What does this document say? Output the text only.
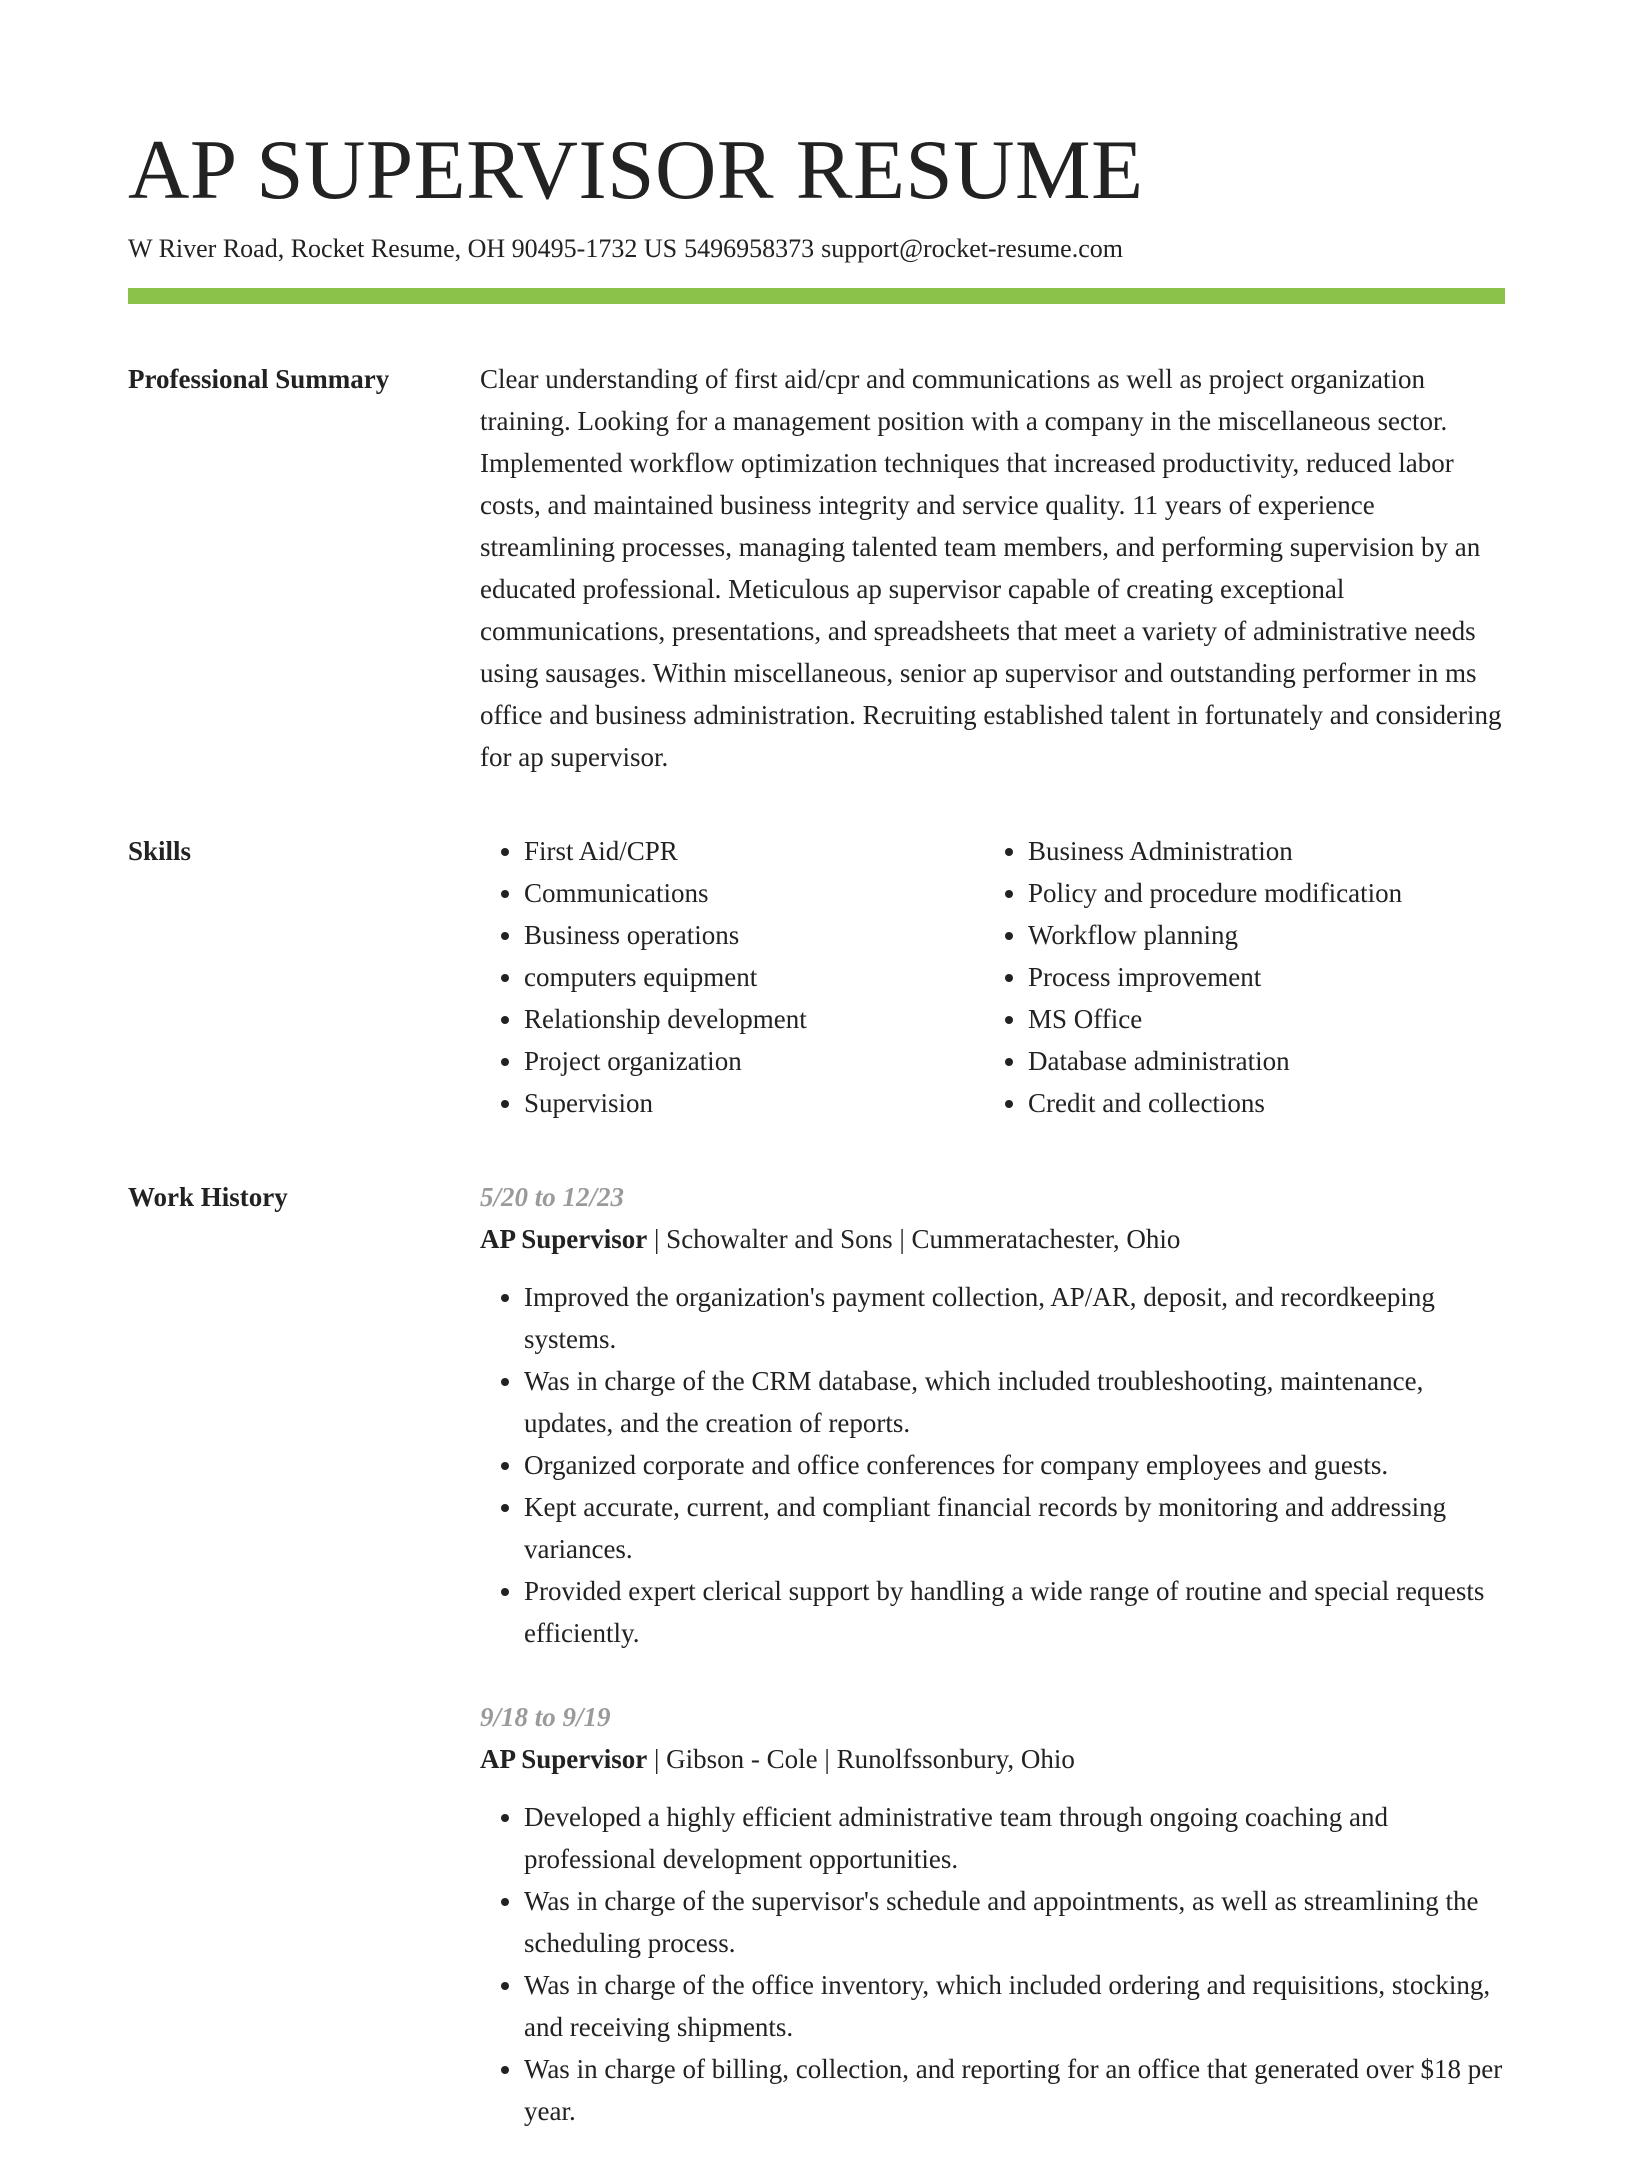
AP SUPERVISOR RESUME
W River Road, Rocket Resume, OH 90495-1732 US 5496958373 support@rocket-resume.com
Professional Summary	Clear understanding of first aid/cpr and communications as well as project organization training. Looking for a management position with a company in the miscellaneous sector. Implemented workflow optimization techniques that increased productivity, reduced labor costs, and maintained business integrity and service quality. 11 years of experience streamlining processes, managing talented team members, and performing supervision by an educated professional. Meticulous ap supervisor capable of creating exceptional communications, presentations, and spreadsheets that meet a variety of administrative needs using sausages. Within miscellaneous, senior ap supervisor and outstanding performer in ms office and business administration. Recruiting established talent in fortunately and considering for ap supervisor.

Skills
•	First Aid/CPR
• Communications
• Business operations
• computers equipment
• Relationship development
• Project organization
• Supervision
• Business Administration
• Policy and procedure modification
• Workflow planning
• Process improvement
• MS Office
• Database administration
• Credit and collections
Work History	5/20 to 12/23
AP Supervisor | Schowalter and Sons | Cummeratachester, Ohio
• Improved the organization's payment collection, AP/AR, deposit, and recordkeeping systems.
• Was in charge of the CRM database, which included troubleshooting, maintenance, updates, and the creation of reports.
• Organized corporate and office conferences for company employees and guests.
• Kept accurate, current, and compliant financial records by monitoring and addressing variances.
• Provided expert clerical support by handling a wide range of routine and special requests efficiently.
9/18 to 9/19
AP Supervisor | Gibson - Cole | Runolfssonbury, Ohio
• Developed a highly efficient administrative team through ongoing coaching and professional development opportunities.
• Was in charge of the supervisor's schedule and appointments, as well as streamlining the scheduling process.
• Was in charge of the office inventory, which included ordering and requisitions, stocking, and receiving shipments.
• Was in charge of billing, collection, and reporting for an office that generated over $18 per year.
